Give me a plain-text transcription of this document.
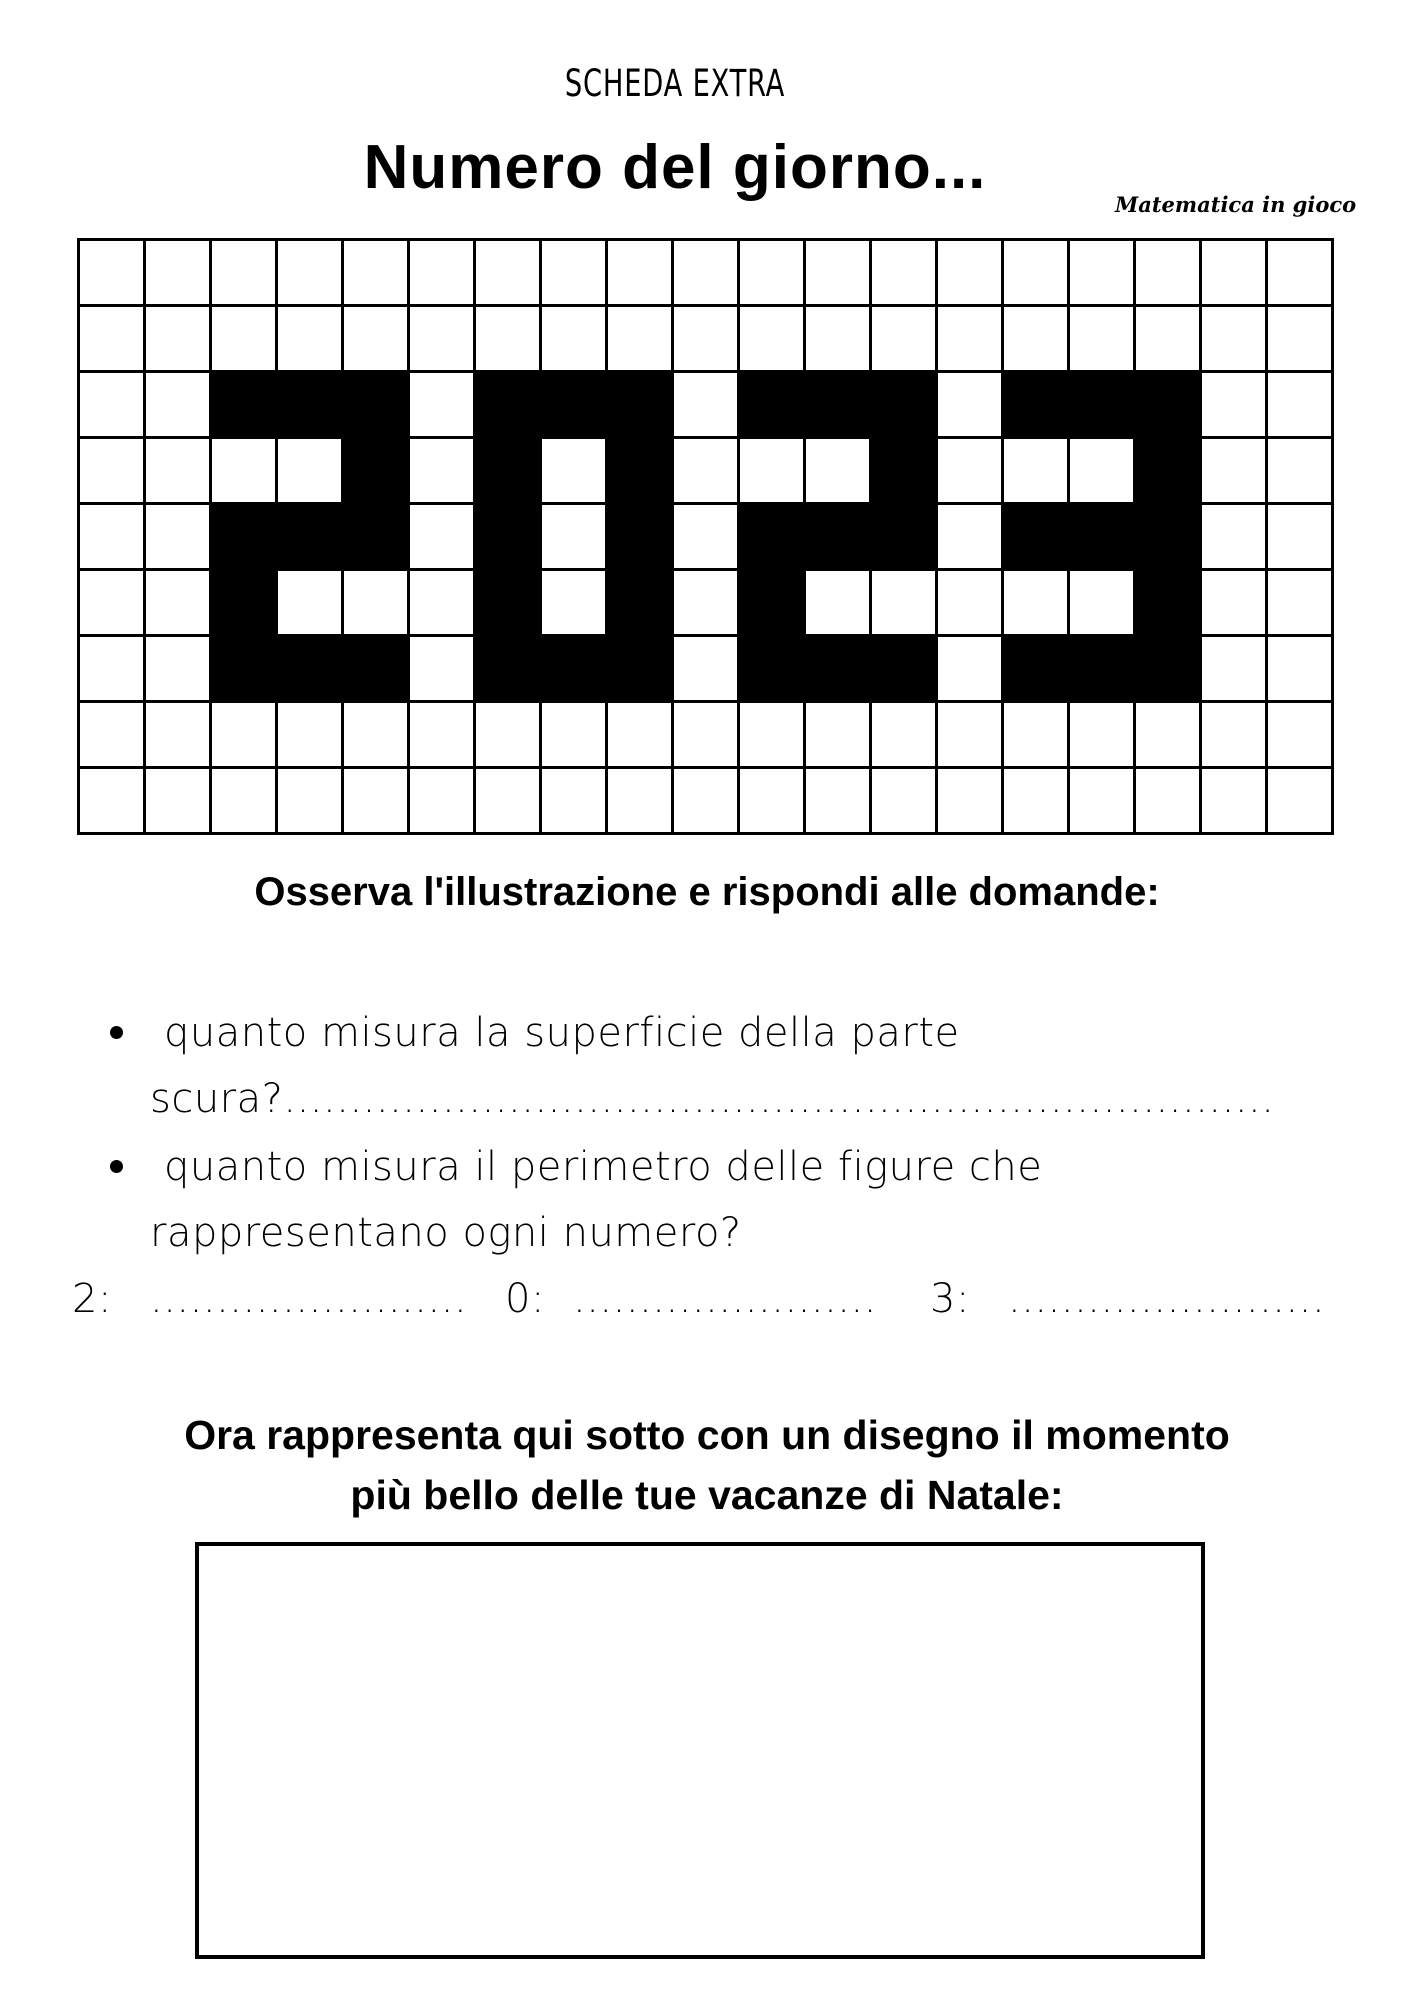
SCHEDA EXTRA
Numero del giorno...
Matematica in gioco
Osserva l'illustrazione e rispondi alle domande:
quanto misura la superficie della parte
scura?...........................................................................
quanto misura il perimetro delle figure che
rappresentano ogni numero?
2: ........................ 0: ....................... 3: ........................
Ora rappresenta qui sotto con un disegno il momento
più bello delle tue vacanze di Natale:
